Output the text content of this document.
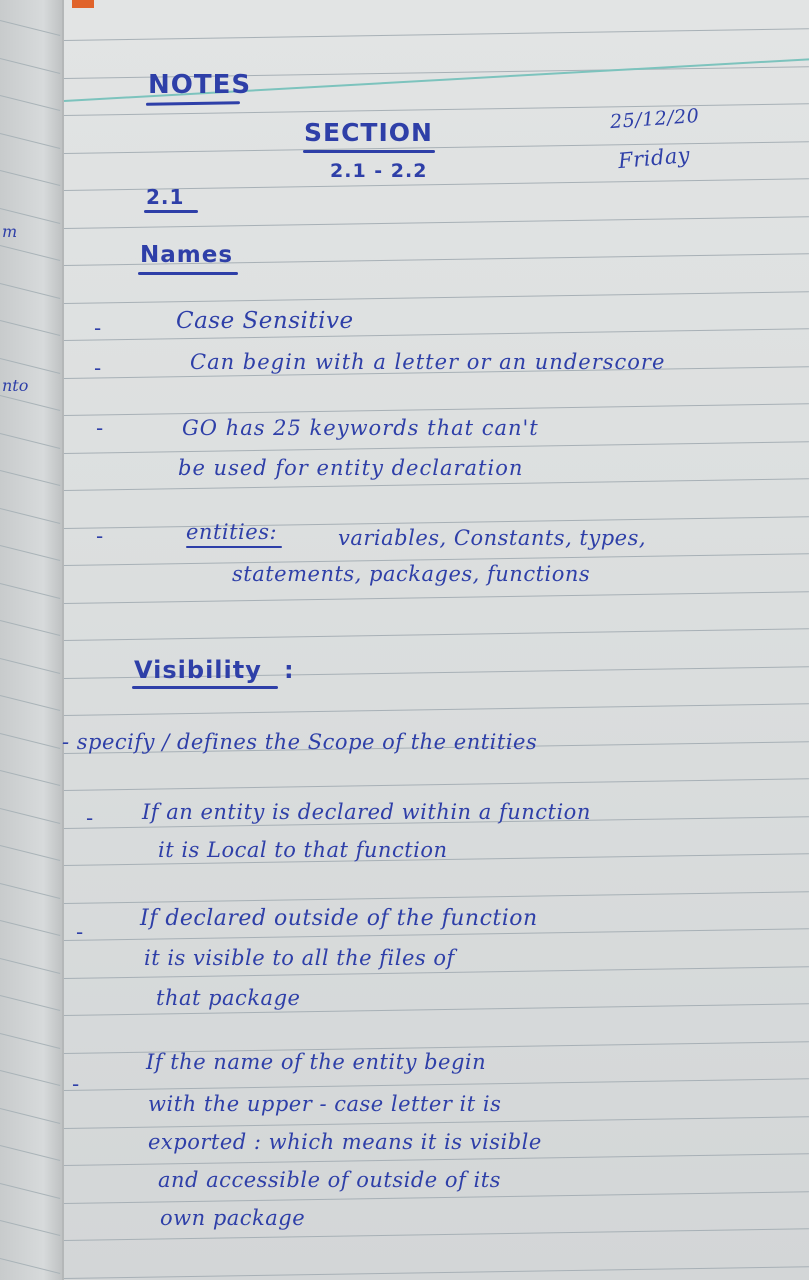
m
nto
NOTES
SECTION
2.1 - 2.2
25/12/20
Friday
2.1
Names
-	Case Sensitive
-	Can begin with a letter or an underscore
-	GO has 25 keywords that can't
be used for entity declaration
-	entities:	variables, Constants, types,
statements, packages, functions
Visibility :
- specify / defines the Scope of the entities
- If an entity is declared within a function
it is Local to that function
-
If declared outside of the function
it is visible to all the files of
that package
-
If the name of the entity begin
with the upper - case letter it is
exported : which means it is visible
and accessible of outside of its
own package
